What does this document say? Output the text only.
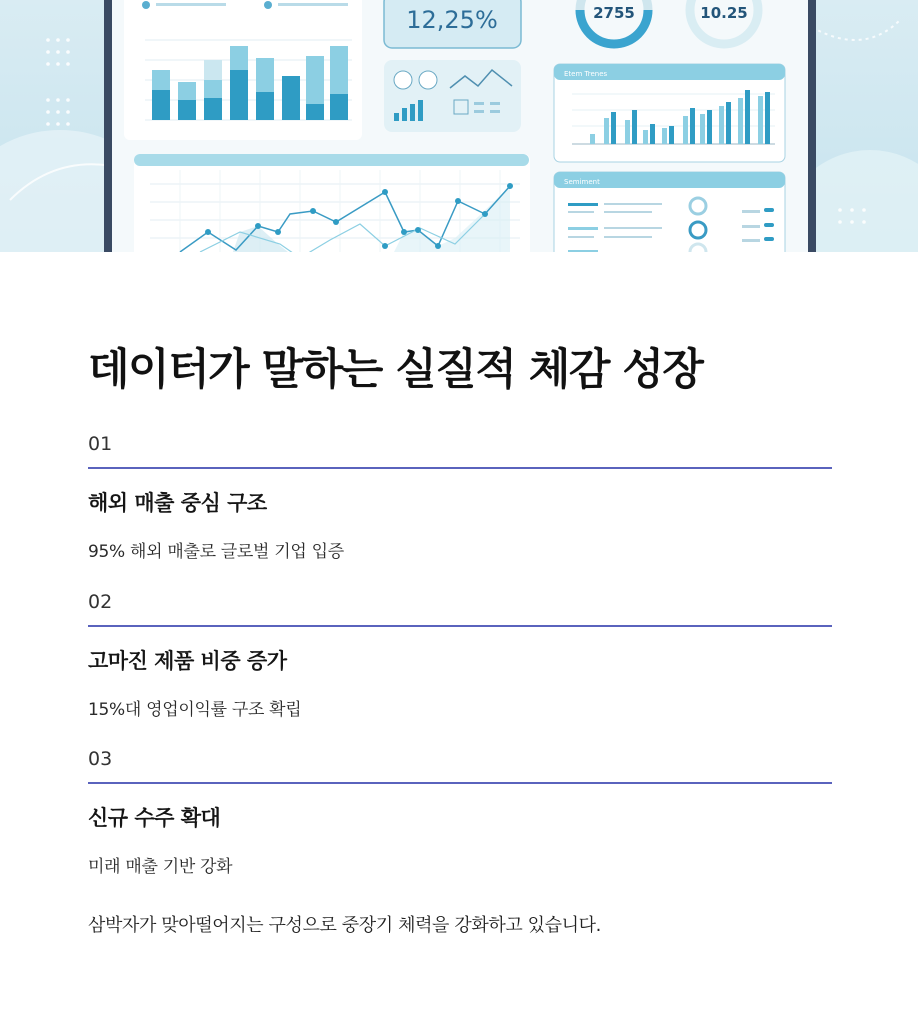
12,25%	2755	10.25
Etem Trenes
Semiment
데이터가 말하는 실질적 체감 성장
01
해외 매출 중심 구조
95% 해외 매출로 글로벌 기업 입증
02
고마진 제품 비중 증가
15%대 영업이익률 구조 확립
03
신규 수주 확대
미래 매출 기반 강화
삼박자가 맞아떨어지는 구성으로 중장기 체력을 강화하고 있습니다.
